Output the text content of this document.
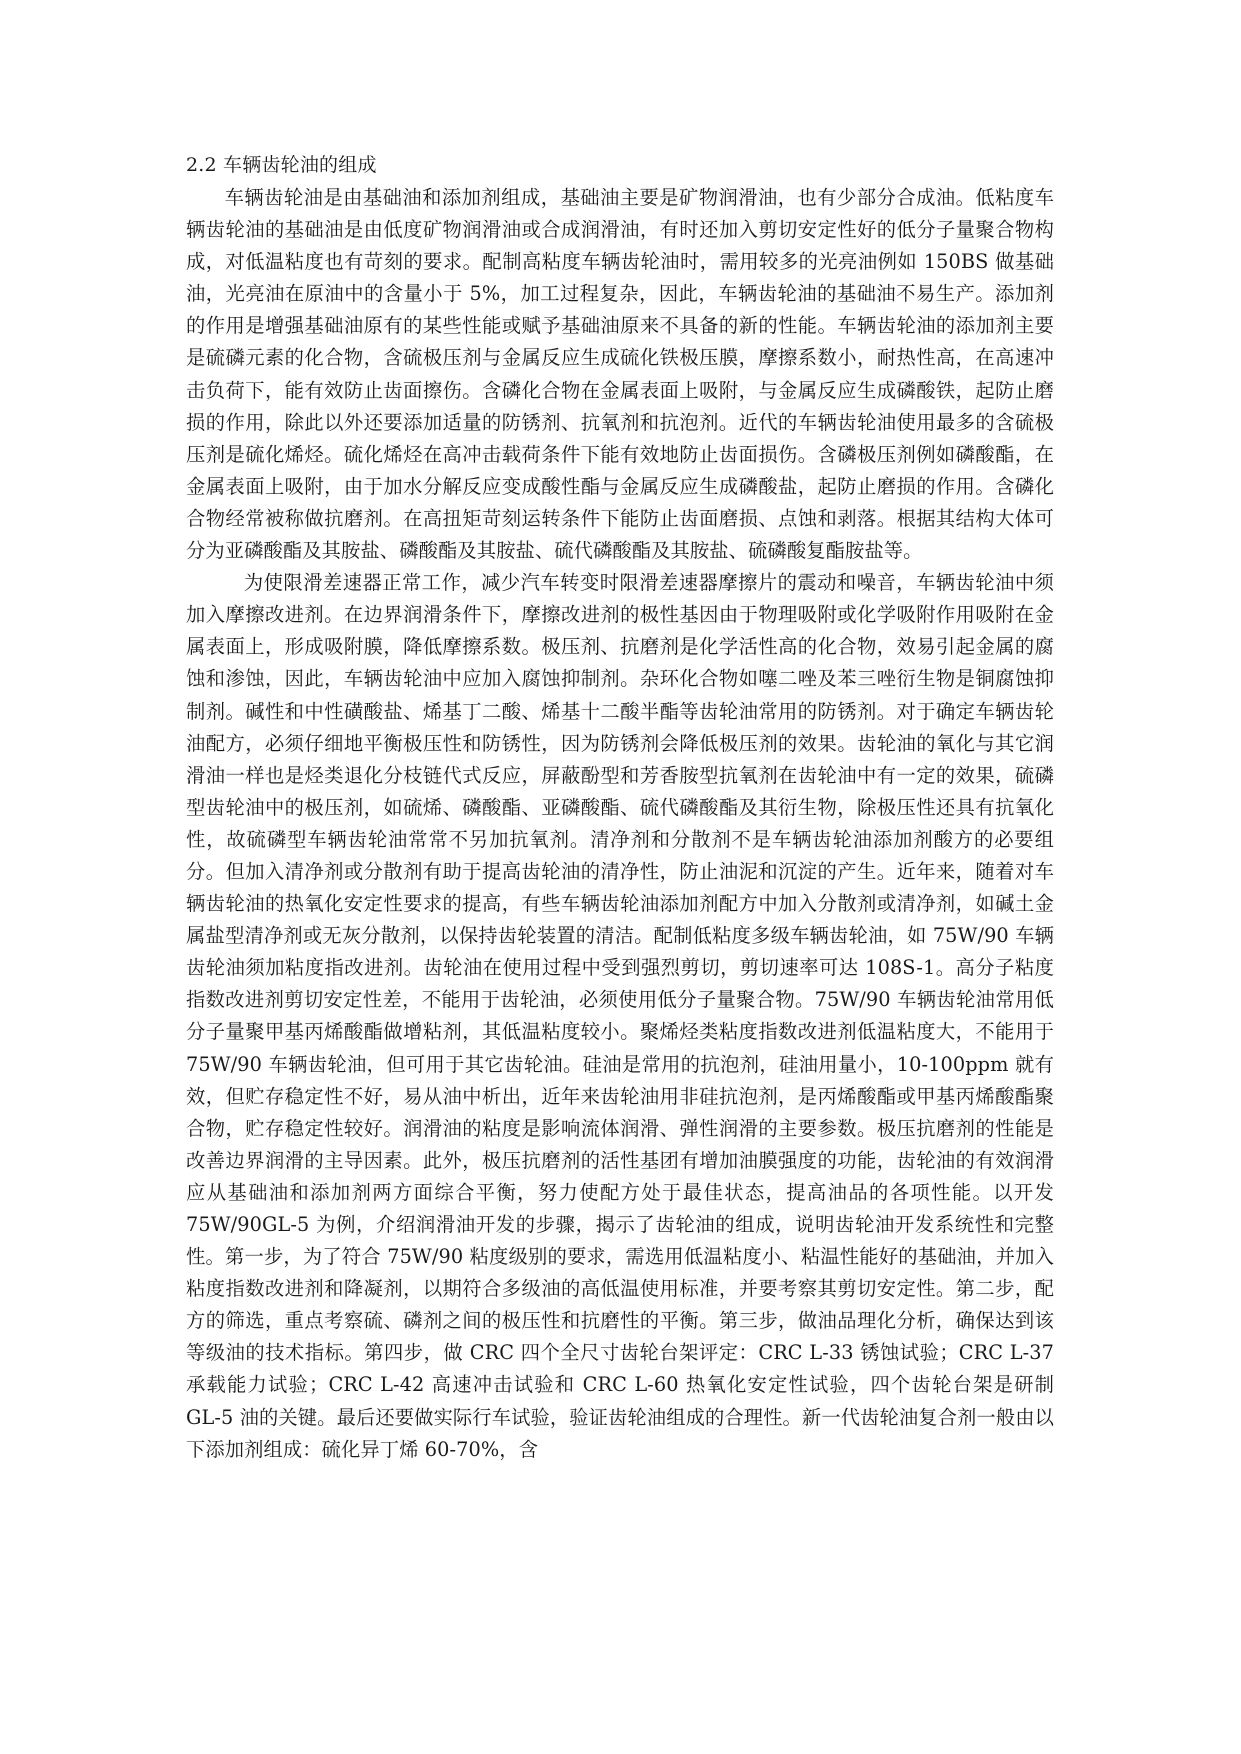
2.2 车辆齿轮油的组成

车辆齿轮油是由基础油和添加剂组成，基础油主要是矿物润滑油，也有少部分合成油。低粘度车辆齿轮油的基础油是由低度矿物润滑油或合成润滑油，有时还加入剪切安定性好的低分子量聚合物构成，对低温粘度也有苛刻的要求。配制高粘度车辆齿轮油时，需用较多的光亮油例如 150BS 做基础油，光亮油在原油中的含量小于 5%，加工过程复杂，因此，车辆齿轮油的基础油不易生产。添加剂的作用是增强基础油原有的某些性能或赋予基础油原来不具备的新的性能。车辆齿轮油的添加剂主要是硫磷元素的化合物，含硫极压剂与金属反应生成硫化铁极压膜，摩擦系数小，耐热性高，在高速冲击负荷下，能有效防止齿面擦伤。含磷化合物在金属表面上吸附，与金属反应生成磷酸铁，起防止磨损的作用，除此以外还要添加适量的防锈剂、抗氧剂和抗泡剂。近代的车辆齿轮油使用最多的含硫极压剂是硫化烯烃。硫化烯烃在高冲击载荷条件下能有效地防止齿面损伤。含磷极压剂例如磷酸酯，在金属表面上吸附，由于加水分解反应变成酸性酯与金属反应生成磷酸盐，起防止磨损的作用。含磷化合物经常被称做抗磨剂。在高扭矩苛刻运转条件下能防止齿面磨损、点蚀和剥落。根据其结构大体可分为亚磷酸酯及其胺盐、磷酸酯及其胺盐、硫代磷酸酯及其胺盐、硫磷酸复酯胺盐等。

为使限滑差速器正常工作，减少汽车转变时限滑差速器摩擦片的震动和噪音，车辆齿轮油中须加入摩擦改进剂。在边界润滑条件下，摩擦改进剂的极性基因由于物理吸附或化学吸附作用吸附在金属表面上，形成吸附膜，降低摩擦系数。极压剂、抗磨剂是化学活性高的化合物，效易引起金属的腐蚀和渗蚀，因此，车辆齿轮油中应加入腐蚀抑制剂。杂环化合物如噻二唑及苯三唑衍生物是铜腐蚀抑制剂。碱性和中性磺酸盐、烯基丁二酸、烯基十二酸半酯等齿轮油常用的防锈剂。对于确定车辆齿轮油配方，必须仔细地平衡极压性和防锈性，因为防锈剂会降低极压剂的效果。齿轮油的氧化与其它润滑油一样也是烃类退化分枝链代式反应，屏蔽酚型和芳香胺型抗氧剂在齿轮油中有一定的效果，硫磷型齿轮油中的极压剂，如硫烯、磷酸酯、亚磷酸酯、硫代磷酸酯及其衍生物，除极压性还具有抗氧化性，故硫磷型车辆齿轮油常常不另加抗氧剂。清净剂和分散剂不是车辆齿轮油添加剂酸方的必要组分。但加入清净剂或分散剂有助于提高齿轮油的清净性，防止油泥和沉淀的产生。近年来，随着对车辆齿轮油的热氧化安定性要求的提高，有些车辆齿轮油添加剂配方中加入分散剂或清净剂，如碱土金属盐型清净剂或无灰分散剂，以保持齿轮装置的清洁。配制低粘度多级车辆齿轮油，如 75W/90 车辆齿轮油须加粘度指改进剂。齿轮油在使用过程中受到强烈剪切，剪切速率可达 108S-1。高分子粘度指数改进剂剪切安定性差，不能用于齿轮油，必须使用低分子量聚合物。75W/90 车辆齿轮油常用低分子量聚甲基丙烯酸酯做增粘剂，其低温粘度较小。聚烯烃类粘度指数改进剂低温粘度大，不能用于 75W/90 车辆齿轮油，但可用于其它齿轮油。硅油是常用的抗泡剂，硅油用量小，10-100ppm 就有效，但贮存稳定性不好，易从油中析出，近年来齿轮油用非硅抗泡剂，是丙烯酸酯或甲基丙烯酸酯聚合物，贮存稳定性较好。润滑油的粘度是影响流体润滑、弹性润滑的主要参数。极压抗磨剂的性能是改善边界润滑的主导因素。此外，极压抗磨剂的活性基团有增加油膜强度的功能，齿轮油的有效润滑应从基础油和添加剂两方面综合平衡，努力使配方处于最佳状态，提高油品的各项性能。以开发 75W/90GL-5 为例，介绍润滑油开发的步骤，揭示了齿轮油的组成，说明齿轮油开发系统性和完整性。第一步，为了符合 75W/90 粘度级别的要求，需选用低温粘度小、粘温性能好的基础油，并加入粘度指数改进剂和降凝剂，以期符合多级油的高低温使用标准，并要考察其剪切安定性。第二步，配方的筛选，重点考察硫、磷剂之间的极压性和抗磨性的平衡。第三步，做油品理化分析，确保达到该等级油的技术指标。第四步，做 CRC 四个全尺寸齿轮台架评定：CRC L-33 锈蚀试验；CRC L-37 承载能力试验；CRC L-42 高速冲击试验和 CRC L-60 热氧化安定性试验，四个齿轮台架是研制 GL-5 油的关键。最后还要做实际行车试验，验证齿轮油组成的合理性。新一代齿轮油复合剂一般由以下添加剂组成：硫化异丁烯 60-70%，含
